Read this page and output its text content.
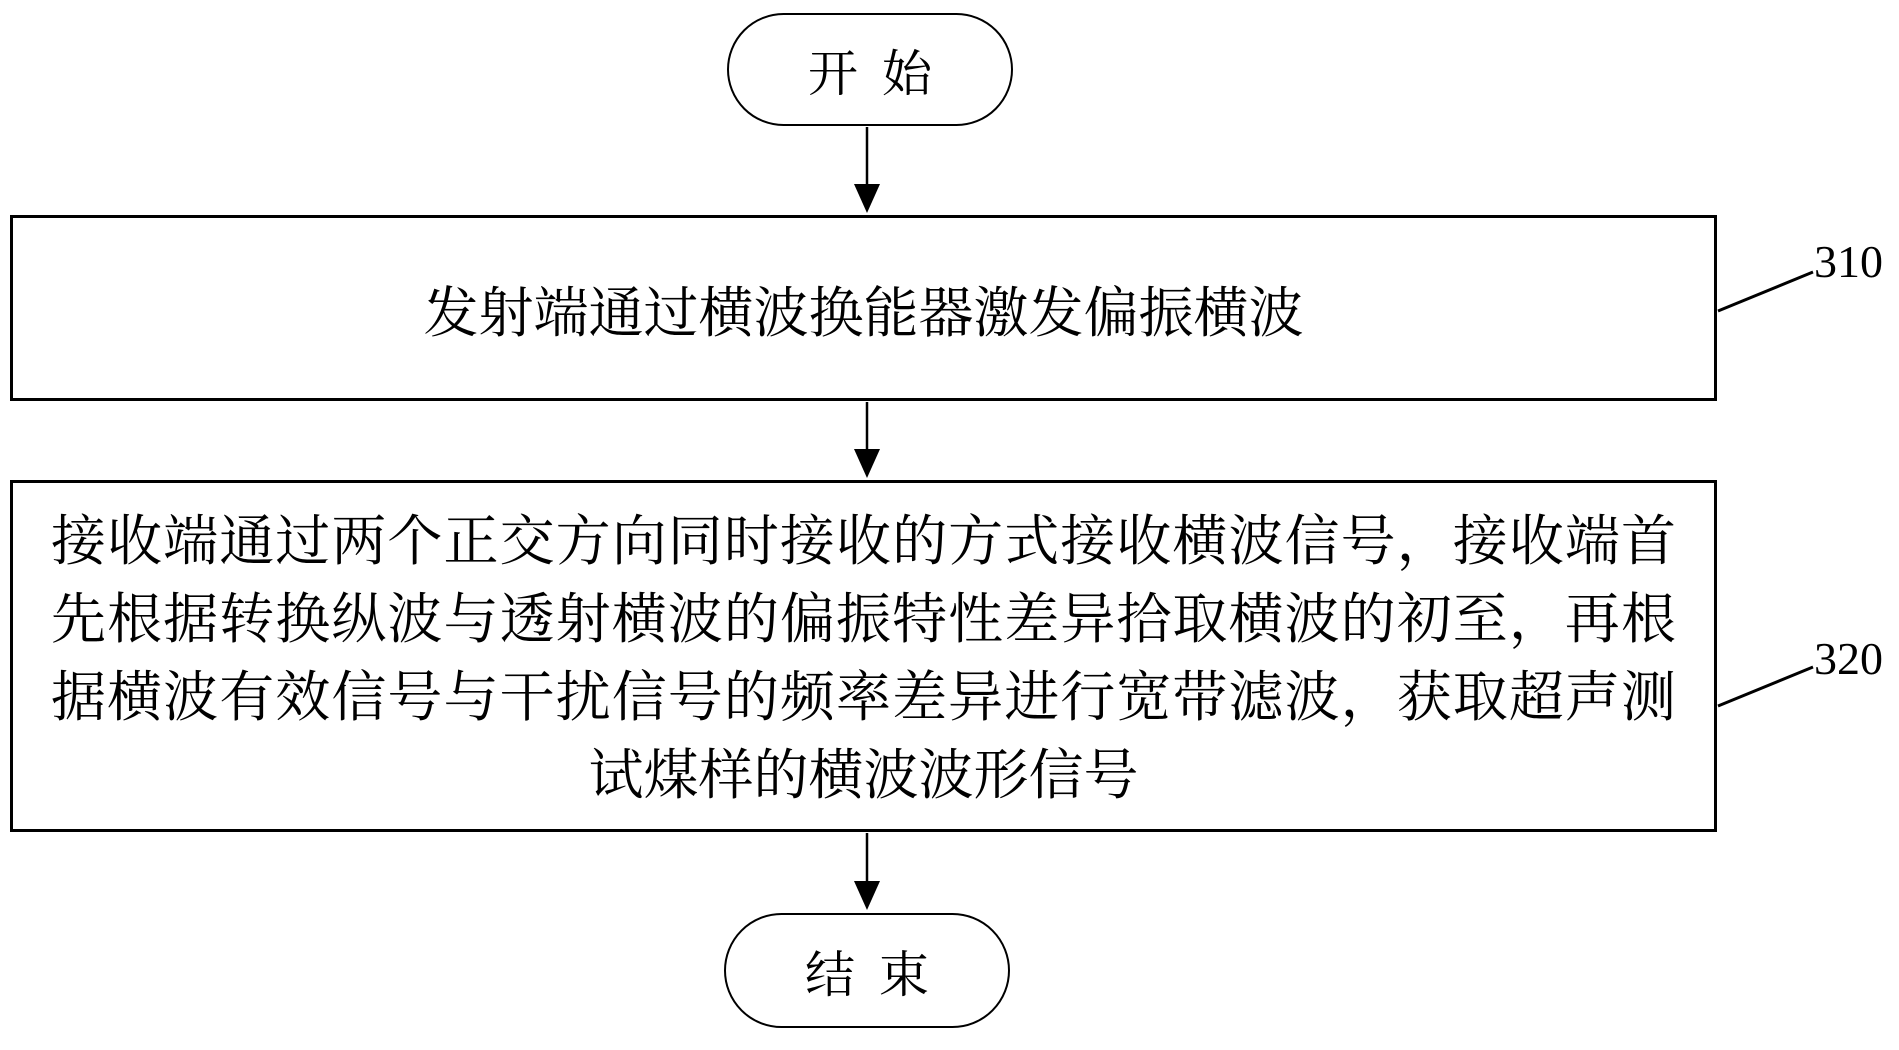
开始
发射端通过横波换能器激发偏振横波
310
接收端通过两个正交方向同时接收的方式接收横波信号，接收端首
先根据转换纵波与透射横波的偏振特性差异拾取横波的初至，再根
据横波有效信号与干扰信号的频率差异进行宽带滤波，获取超声测
试煤样的横波波形信号
320
结束
